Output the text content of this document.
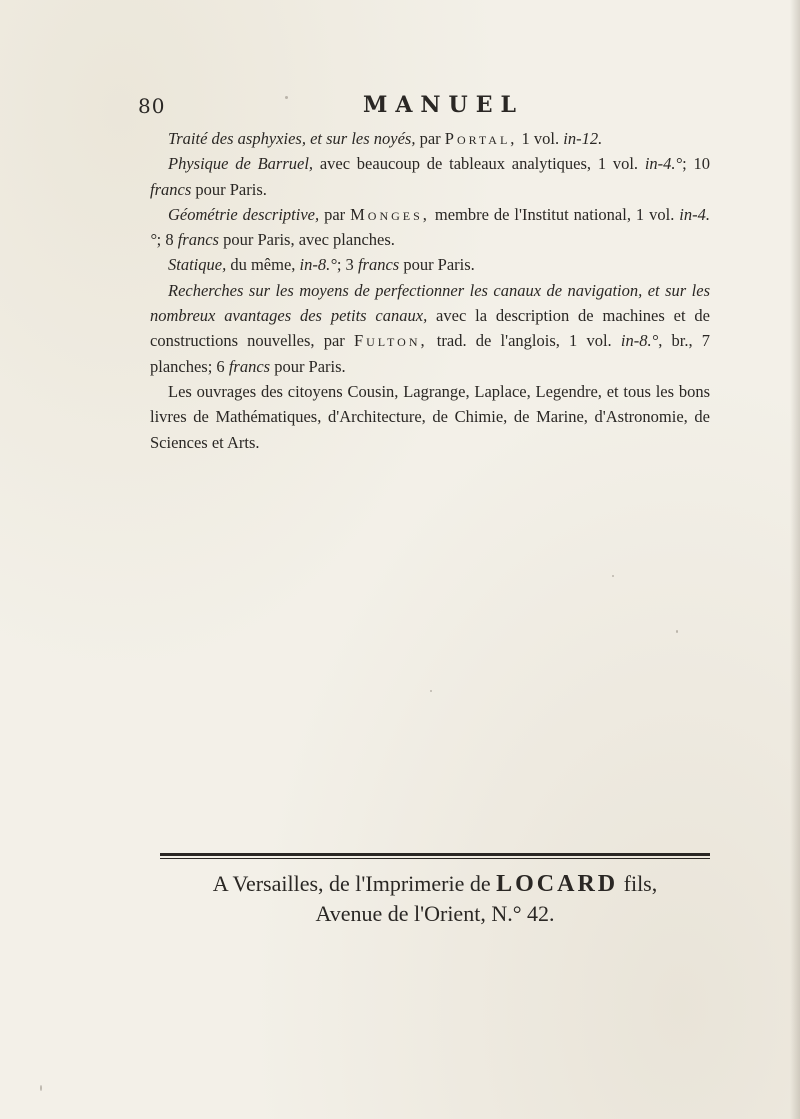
80	MANUEL

Traité des asphyxies, et sur les noyés, par Portal, 1 vol. in-12.

Physique de Barruel, avec beaucoup de tableaux analytiques, 1 vol. in-4.°; 10 francs pour Paris.

Géométrie descriptive, par Monges, membre de l'Institut national, 1 vol. in-4.°; 8 francs pour Paris, avec planches.

Statique, du même, in-8.°; 3 francs pour Paris.

Recherches sur les moyens de perfectionner les canaux de navigation, et sur les nombreux avantages des petits canaux, avec la description de machines et de constructions nouvelles, par Fulton, trad. de l'anglois, 1 vol. in-8.°, br., 7 planches; 6 francs pour Paris.

Les ouvrages des citoyens Cousin, Lagrange, Laplace, Legendre, et tous les bons livres de Mathématiques, d'Architecture, de Chimie, de Marine, d'Astronomie, de Sciences et Arts.

A Versailles, de l'Imprimerie de LOCARD fils,
Avenue de l'Orient, N.° 42.
